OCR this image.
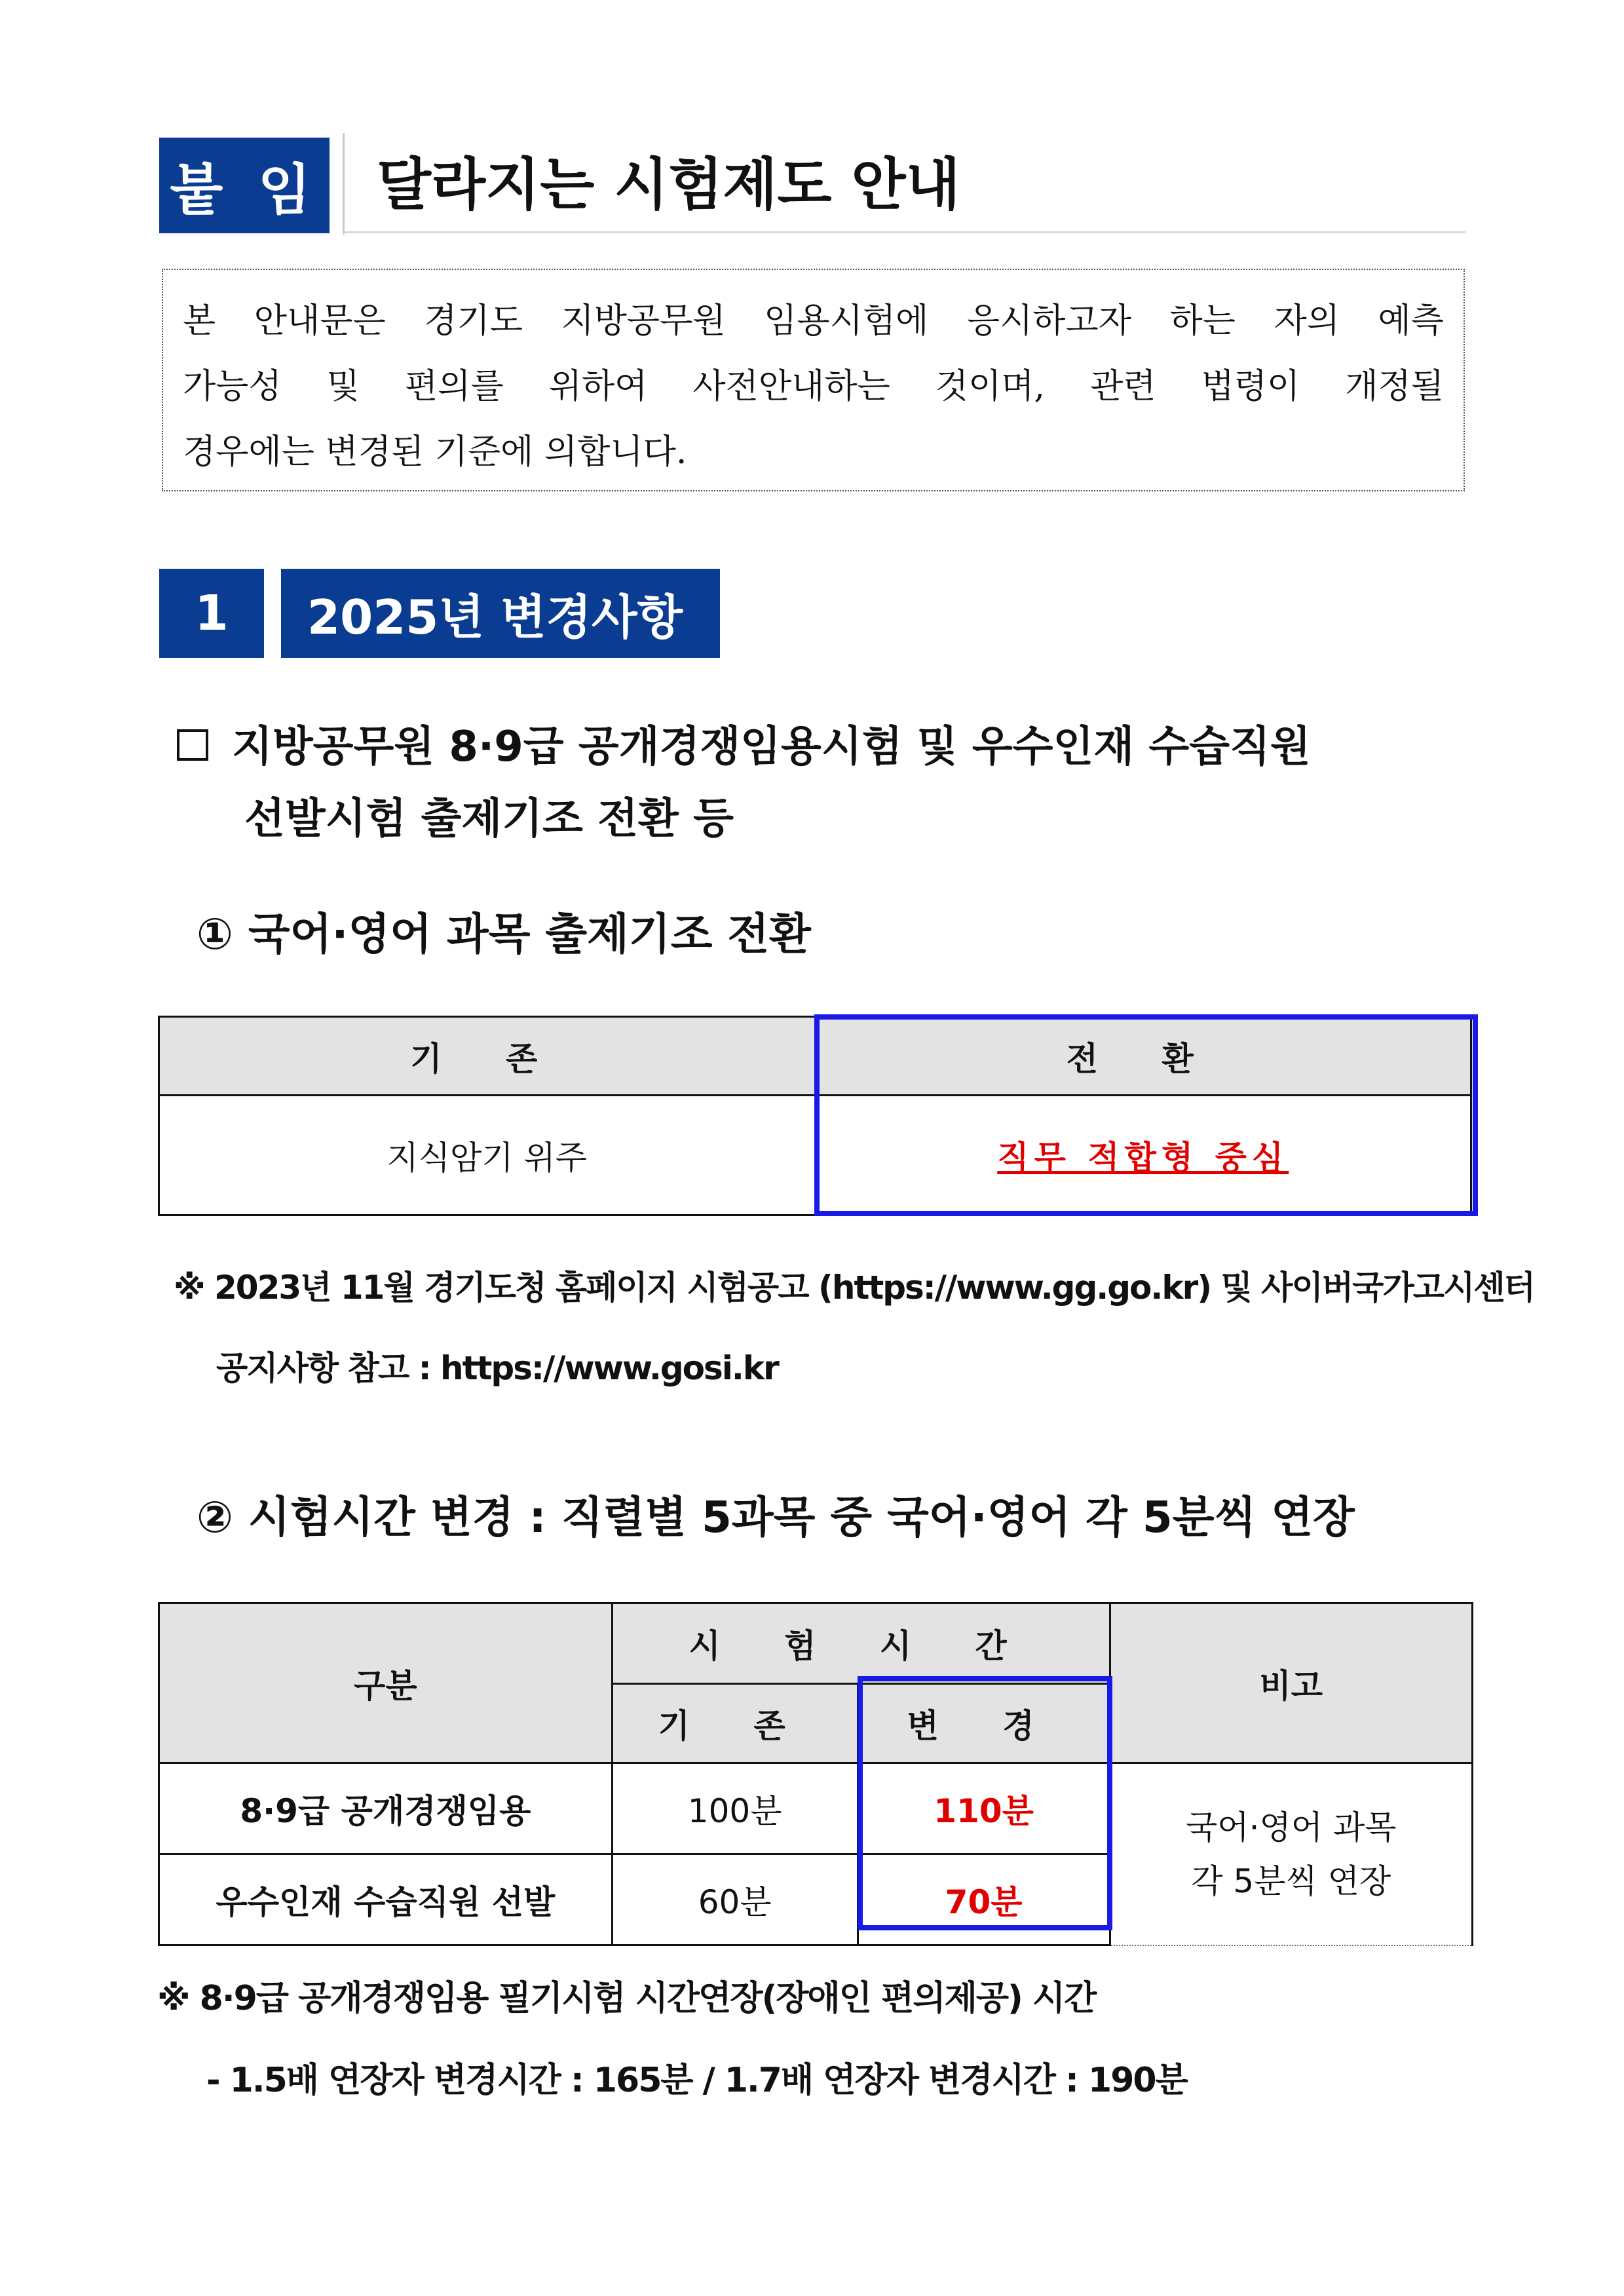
붙 임 달라지는 시험제도 안내

본 안내문은 경기도 지방공무원 임용시험에 응시하고자 하는 자의 예측

가능성 및 편의를 위하여 사전안내하는 것이며, 관련 법령이 개정될

경우에는 변경된 기준에 의합니다.

1	2025년 변경사항
지방공무원 8·9급 공개경쟁임용시험 및 우수인재 수습직원
선발시험 출제기조 전환 등
① 국어·영어 과목 출제기조 전환
기 존	전 환
지식암기 위주	직무 적합형 중심
※ 2023년 11월 경기도청 홈페이지 시험공고 (https://www.gg.go.kr) 및 사이버국가고시센터
공지사항 참고 : https://www.gosi.kr
② 시험시간 변경 : 직렬별 5과목 중 국어·영어 각 5분씩 연장
구분	시 험 시 간		비고
	기 존	변 경	
8·9급 공개경쟁임용	100분	110분	국어·영어 과목
각 5분씩 연장

우수인재 수습직원 선발	60분	70분	
※ 8·9급 공개경쟁임용 필기시험 시간연장(장애인 편의제공) 시간
- 1.5배 연장자 변경시간 : 165분 / 1.7배 연장자 변경시간 : 190분
